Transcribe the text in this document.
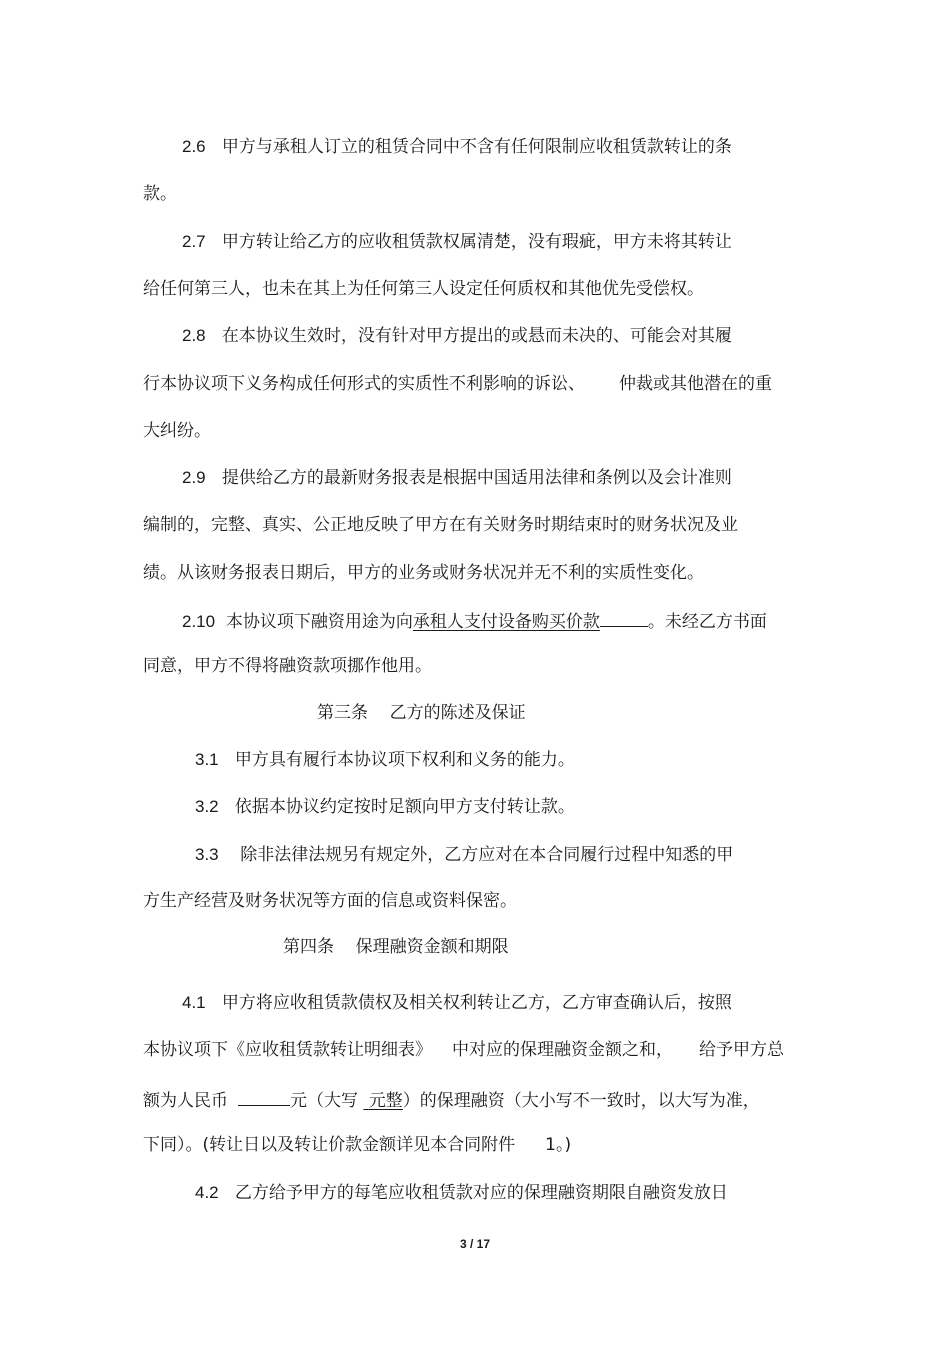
2.6 甲方与承租人订立的租赁合同中不含有任何限制应收租赁款转让的条
款。
2.7 甲方转让给乙方的应收租赁款权属清楚，没有瑕疵，甲方未将其转让
给任何第三人，也未在其上为任何第三人设定任何质权和其他优先受偿权。
2.8 在本协议生效时，没有针对甲方提出的或悬而未决的、可能会对其履
行本协议项下义务构成任何形式的实质性不利影响的诉讼、 仲裁或其他潜在的重
大纠纷。
2.9 提供给乙方的最新财务报表是根据中国适用法律和条例以及会计准则
编制的，完整、真实、公正地反映了甲方在有关财务时期结束时的财务状况及业
绩。从该财务报表日期后，甲方的业务或财务状况并无不利的实质性变化。
2.10 本协议项下融资用途为向承租人支付设备购买价款	。未经乙方书面
同意，甲方不得将融资款项挪作他用。
第三条 乙方的陈述及保证
3.1 甲方具有履行本协议项下权利和义务的能力。
3.2 依据本协议约定按时足额向甲方支付转让款。
3.3 除非法律法规另有规定外，乙方应对在本合同履行过程中知悉的甲
方生产经营及财务状况等方面的信息或资料保密。
第四条 保理融资金额和期限
4.1 甲方将应收租赁款债权及相关权利转让乙方，乙方审查确认后，按照
本协议项下《应收租赁款转让明细表》 中对应的保理融资金额之和， 给予甲方总
额为人民币	元（大写 元整）的保理融资（大小写不一致时，以大写为准，
下同）。(转让日以及转让价款金额详见本合同附件 1。)
4.2 乙方给予甲方的每笔应收租赁款对应的保理融资期限自融资发放日
3 / 17
